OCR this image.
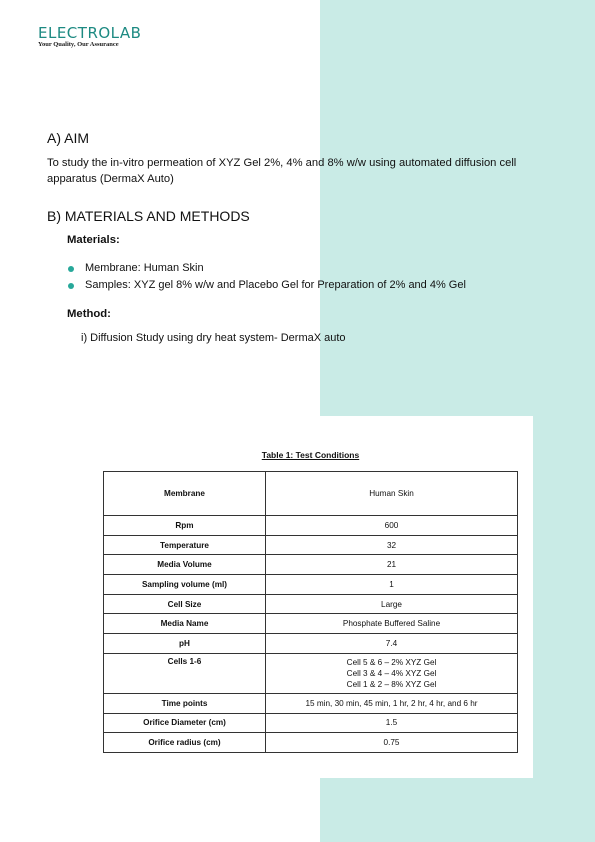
ELECTROLAB
Your Quality, Our Assurance
A) AIM
To study the in-vitro permeation of XYZ Gel 2%, 4% and 8% w/w using automated diffusion cell apparatus (DermaX Auto)
B) MATERIALS AND METHODS
Materials:
Membrane: Human Skin
Samples: XYZ gel 8% w/w and Placebo Gel for Preparation of 2% and 4% Gel
Method:
i) Diffusion Study using dry heat system- DermaX auto
Table 1: Test Conditions
Membrane	Human Skin
Rpm	600
Temperature	32
Media Volume	21
Sampling volume (ml)	1
Cell Size	Large
Media Name	Phosphate Buffered Saline
pH	7.4
Cells 1-6	Cell 5 & 6 – 2% XYZ Gel
Cell 3 & 4 – 4% XYZ Gel
Cell 1 & 2 – 8% XYZ Gel

Time points	15 min, 30 min, 45 min, 1 hr, 2 hr, 4 hr, and 6 hr
Orifice Diameter (cm)	1.5
Orifice radius (cm)	0.75
